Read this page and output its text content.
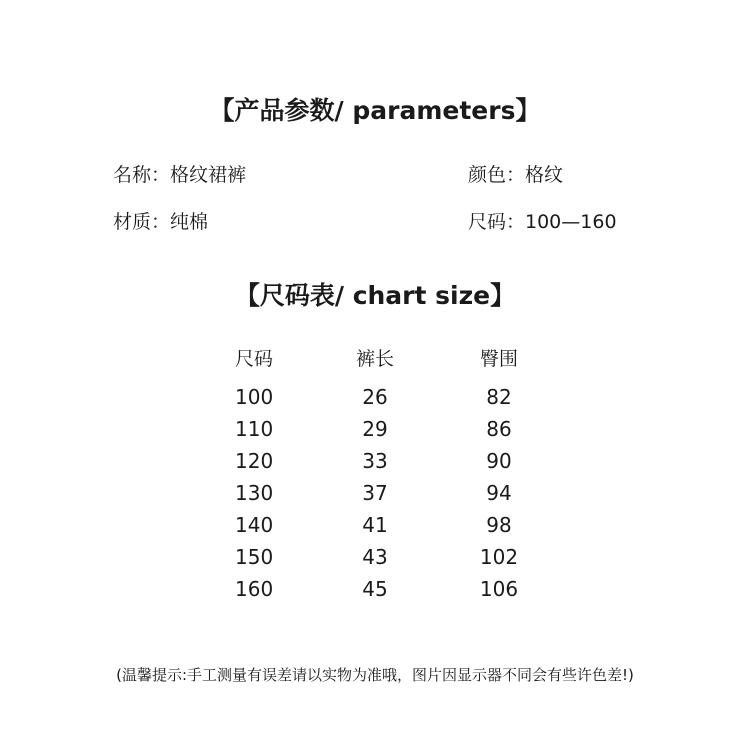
【产品参数/ parameters】
名称：格纹裙裤	颜色：格纹
材质：纯棉	尺码：100—160
【尺码表/ chart size】
尺码	裤长	臀围
100	26	82
110	29	86
120	33	90
130	37	94
140	41	98
150	43	102
160	45	106
(温馨提示:手工测量有误差请以实物为准哦，图片因显示器不同会有些许色差!)
